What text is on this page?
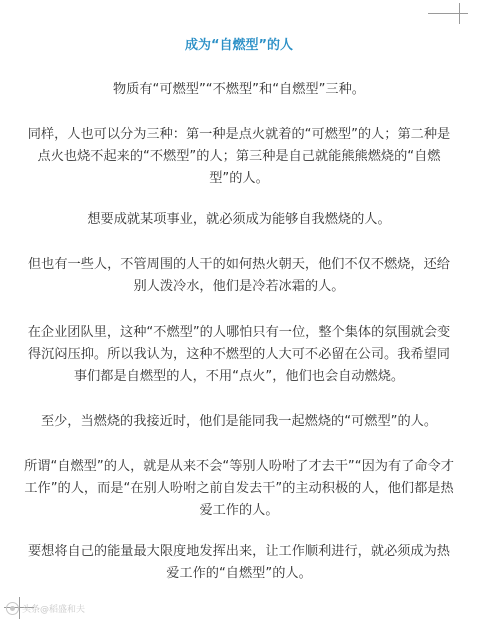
成为“自燃型”的人
物质有“可燃型”“不燃型”和“自燃型”三种。
同样，人也可以分为三种：第一种是点火就着的“可燃型”的人；第二种是点火也烧不起来的“不燃型”的人；第三种是自己就能熊熊燃烧的“自燃型”的人。
想要成就某项事业，就必须成为能够自我燃烧的人。
但也有一些人，不管周围的人干的如何热火朝天，他们不仅不燃烧，还给别人泼冷水，他们是冷若冰霜的人。
在企业团队里，这种“不燃型”的人哪怕只有一位，整个集体的氛围就会变得沉闷压抑。所以我认为，这种不燃型的人大可不必留在公司。我希望同事们都是自燃型的人，不用“点火”，他们也会自动燃烧。
至少，当燃烧的我接近时，他们是能同我一起燃烧的“可燃型”的人。
所谓“自燃型”的人，就是从来不会“等别人吩咐了才去干”“因为有了命令才工作”的人，而是“在别人吩咐之前自发去干”的主动积极的人，他们都是热爱工作的人。
要想将自己的能量最大限度地发挥出来，让工作顺利进行，就必须成为热爱工作的“自燃型”的人。
头条@稻盛和夫
